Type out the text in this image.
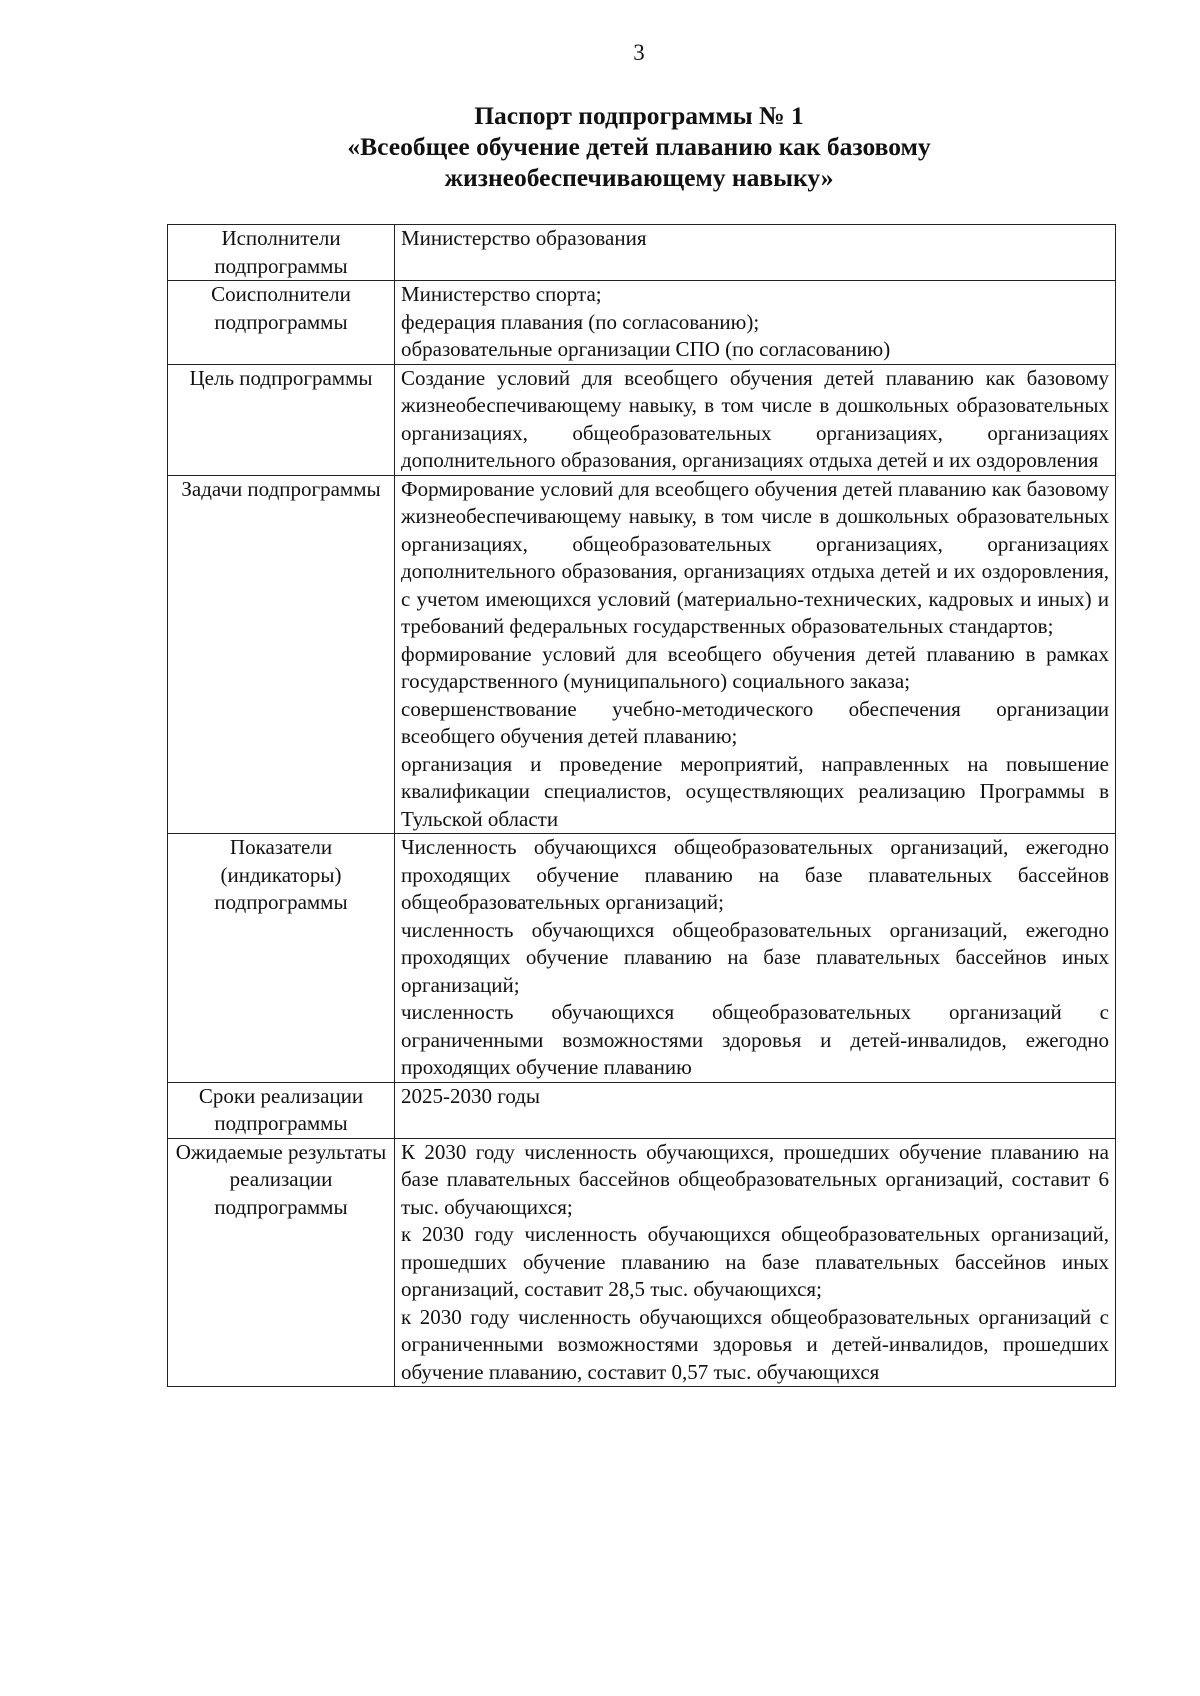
3
Паспорт подпрограммы № 1
«Всеобщее обучение детей плаванию как базовому
жизнеобеспечивающему навыку»
Исполнители подпрограммы	Министерство образования

Соисполнители подпрограммы	Министерство спорта;
федерация плавания (по согласованию);
образовательные организации СПО (по согласованию)

Цель подпрограммы	Создание условий для всеобщего обучения детей плаванию как базовому жизнеобеспечивающему навыку, в том числе в дошкольных образовательных организациях, общеобразовательных организациях, организациях дополнительного образования, организациях отдыха детей и их оздоровления

Задачи подпрограммы	Формирование условий для всеобщего обучения детей плаванию как базовому жизнеобеспечивающему навыку, в том числе в дошкольных образовательных организациях, общеобразовательных организациях, организациях дополнительного образования, организациях отдыха детей и их оздоровления, с учетом имеющихся условий (материально-технических, кадровых и иных) и требований федеральных государственных образовательных стандартов;
формирование условий для всеобщего обучения детей плаванию в рамках государственного (муниципального) социального заказа;
совершенствование учебно-методического обеспечения организации всеобщего обучения детей плаванию;
организация и проведение мероприятий, направленных на повышение квалификации специалистов, осуществляющих реализацию Программы в Тульской области

Показатели (индикаторы) подпрограммы	Численность обучающихся общеобразовательных организаций, ежегодно проходящих обучение плаванию на базе плавательных бассейнов общеобразовательных организаций;
численность обучающихся общеобразовательных организаций, ежегодно проходящих обучение плаванию на базе плавательных бассейнов иных организаций;
численность обучающихся общеобразовательных организаций с ограниченными возможностями здоровья и детей-инвалидов, ежегодно проходящих обучение плаванию

Сроки реализации подпрограммы	2025-2030 годы

Ожидаемые результаты реализации подпрограммы	К 2030 году численность обучающихся, прошедших обучение плаванию на базе плавательных бассейнов общеобразовательных организаций, составит 6 тыс. обучающихся;
к 2030 году численность обучающихся общеобразовательных организаций, прошедших обучение плаванию на базе плавательных бассейнов иных организаций, составит 28,5 тыс. обучающихся;
к 2030 году численность обучающихся общеобразовательных организаций с ограниченными возможностями здоровья и детей-инвалидов, прошедших обучение плаванию, составит 0,57 тыс. обучающихся
